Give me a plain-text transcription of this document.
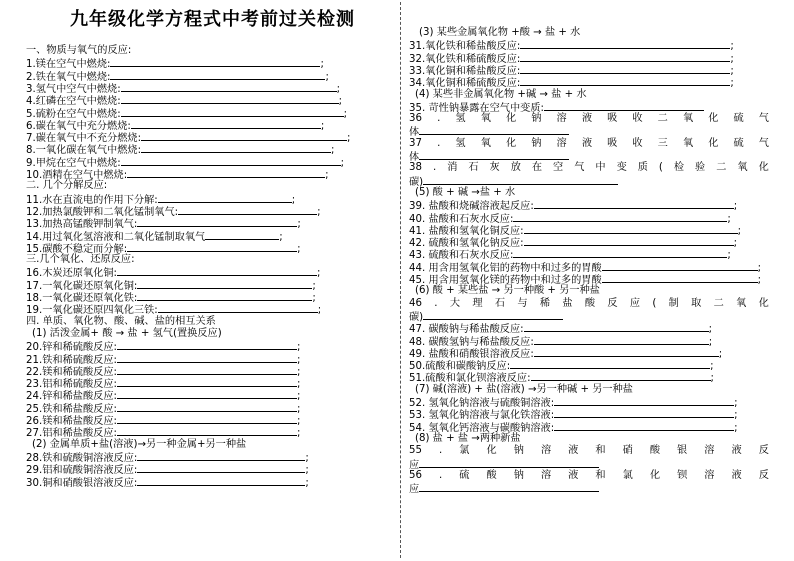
九年级化学方程式中考前过关检测
一、物质与氧气的反应:
1.镁在空气中燃烧:	;
2.铁在氧气中燃烧:	;
3.氢气中空气中燃烧:	;
4.红磷在空气中燃烧:	;
5.硫粉在空气中燃烧:	;
6.碳在氧气中充分燃烧:	;
7.碳在氧气中不充分燃烧:	;
8.一氧化碳在氧气中燃烧:	;
9.甲烷在空气中燃烧:	;
10.酒精在空气中燃烧:	;
二. 几个分解反应:
11.水在直流电的作用下分解:	;
12.加热氯酸钾和二氧化锰制氧气:	;
13.加热高锰酸钾制氧气:	;
14.用过氧化氢溶液和二氧化锰制取氧气	;
15.碳酸不稳定而分解:	;
三.几个氧化、还原反应:
16.木炭还原氧化铜:	;
17.一氧化碳还原氧化铜:	;
18.一氧化碳还原氧化铁:	;
19.一氧化碳还原四氧化三铁:	;
四. 单质、氧化物、酸、碱、盐的相互关系
(1) 活泼金属+ 酸 → 盐 + 氢气(置换反应)
20.锌和稀硫酸反应:	;
21.铁和稀硫酸反应:	;
22.镁和稀硫酸反应:	;
23.铝和稀硫酸反应:	;
24.锌和稀盐酸反应:	;
25.铁和稀盐酸反应:	;
26.镁和稀盐酸反应:	;
27.铝和稀盐酸反应:	;
(2) 金属单质+盐(溶液)→另一种金属+另一种盐
28.铁和硫酸铜溶液反应:	;
29.铝和硫酸铜溶液反应:	;
30.铜和硝酸银溶液反应:	;
(3) 某些金属氧化物 +酸 → 盐 + 水
31.氧化铁和稀盐酸反应:	;
32.氧化铁和稀硫酸反应:	;
33.氧化铜和稀盐酸反应:	;
34.氧化铜和稀硫酸反应:	;
(4) 某些非金属氧化物 +碱 → 盐 + 水
35. 苛性钠暴露在空气中变质:
36 . 氢 氧 化 钠 溶 液 吸 收 二 氧 化 硫 气
体
37 . 氢 氧 化 钠 溶 液 吸 收 三 氧 化 硫 气
体
38 . 消 石 灰 放 在 空 气 中 变 质 ( 检 验 二 氧 化
碳)
(5) 酸 + 碱 →盐 + 水
39. 盐酸和烧碱溶液起反应:	;
40. 盐酸和石灰水反应:	;
41. 盐酸和氢氧化铜反应:	;
42. 硫酸和氢氧化钠反应:	;
43. 硫酸和石灰水反应:	;
44. 用含用氢氧化铝的药物中和过多的胃酸	;
45. 用含用氢氧化镁的药物中和过多的胃酸	;
(6) 酸 + 某些盐 → 另一种酸 + 另一种盐
46 . 大 理 石 与 稀 盐 酸 反 应 ( 制 取 二 氧 化
碳)
47. 碳酸钠与稀盐酸反应:	;
48. 碳酸氢钠与稀盐酸反应:	;
49. 盐酸和硝酸银溶液反应:	;
50.硫酸和碳酸钠反应:	;
51.硫酸和氯化钡溶液反应:	;
(7) 碱(溶液) + 盐(溶液) →另一种碱 + 另一种盐
52. 氢氧化钠溶液与硫酸铜溶液:	;
53. 氢氧化钠溶液与氯化铁溶液:	;
54. 氢氧化钙溶液与碳酸钠溶液:	;
(8) 盐 + 盐 →两种新盐
55 . 氯 化 钠 溶 液 和 硝 酸 银 溶 液 反
应
56 . 硫 酸 钠 溶 液 和 氯 化 钡 溶 液 反
应
